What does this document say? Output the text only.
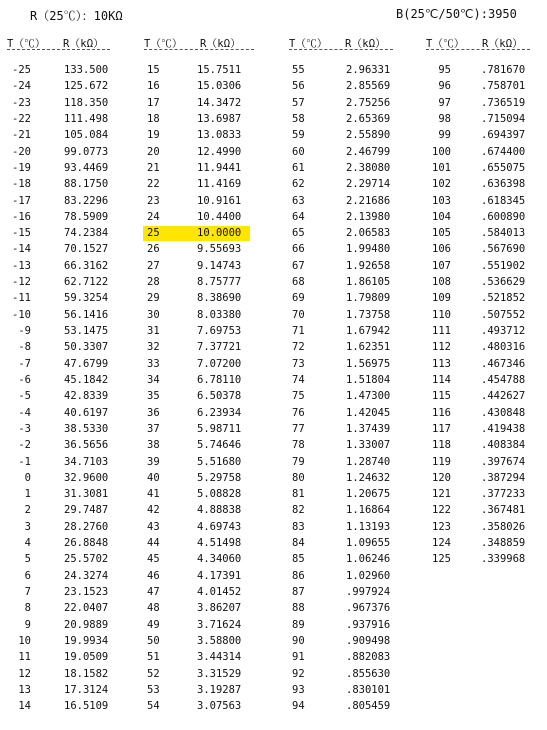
R（25℃）：10KΩ	B(25℃/50℃):3950
T（℃） R（kΩ）	T（℃） R（kΩ）	T（℃） R（kΩ）	T（℃） R（kΩ）
-25	133.500
-24	125.672
-23	118.350
-22	111.498
-21	105.084
-20	99.0773
-19	93.4469
-18	88.1750
-17	83.2296
-16	78.5909
-15	74.2384
-14	70.1527
-13	66.3162
-12	62.7122
-11	59.3254
-10	56.1416
-9	53.1475
-8	50.3307
-7	47.6799
-6	45.1842
-5	42.8339
-4	40.6197
-3	38.5330
-2	36.5656
-1	34.7103
0	32.9600
1	31.3081
2	29.7487
3	28.2760
4	26.8848
5	25.5702
6	24.3274
7	23.1523
8	22.0407
9	20.9889
10	19.9934
11	19.0509
12	18.1582
13	17.3124
14	16.5109
15	15.7511
16	15.0306
17	14.3472
18	13.6987
19	13.0833
20	12.4990
21	11.9441
22	11.4169
23	10.9161
24	10.4400
25	10.0000
26	9.55693
27	9.14743
28	8.75777
29	8.38690
30	8.03380
31	7.69753
32	7.37721
33	7.07200
34	6.78110
35	6.50378
36	6.23934
37	5.98711
38	5.74646
39	5.51680
40	5.29758
41	5.08828
42	4.88838
43	4.69743
44	4.51498
45	4.34060
46	4.17391
47	4.01452
48	3.86207
49	3.71624
50	3.58800
51	3.44314
52	3.31529
53	3.19287
54	3.07563
55	2.96331
56	2.85569
57	2.75256
58	2.65369
59	2.55890
60	2.46799
61	2.38080
62	2.29714
63	2.21686
64	2.13980
65	2.06583
66	1.99480
67	1.92658
68	1.86105
69	1.79809
70	1.73758
71	1.67942
72	1.62351
73	1.56975
74	1.51804
75	1.47300
76	1.42045
77	1.37439
78	1.33007
79	1.28740
80	1.24632
81	1.20675
82	1.16864
83	1.13193
84	1.09655
85	1.06246
86	1.02960
87	.997924
88	.967376
89	.937916
90	.909498
91	.882083
92	.855630
93	.830101
94	.805459
95	.781670
96	.758701
97	.736519
98	.715094
99	.694397
100	.674400
101	.655075
102	.636398
103	.618345
104	.600890
105	.584013
106	.567690
107	.551902
108	.536629
109	.521852
110	.507552
111	.493712
112	.480316
113	.467346
114	.454788
115	.442627
116	.430848
117	.419438
118	.408384
119	.397674
120	.387294
121	.377233
122	.367481
123	.358026
124	.348859
125	.339968
